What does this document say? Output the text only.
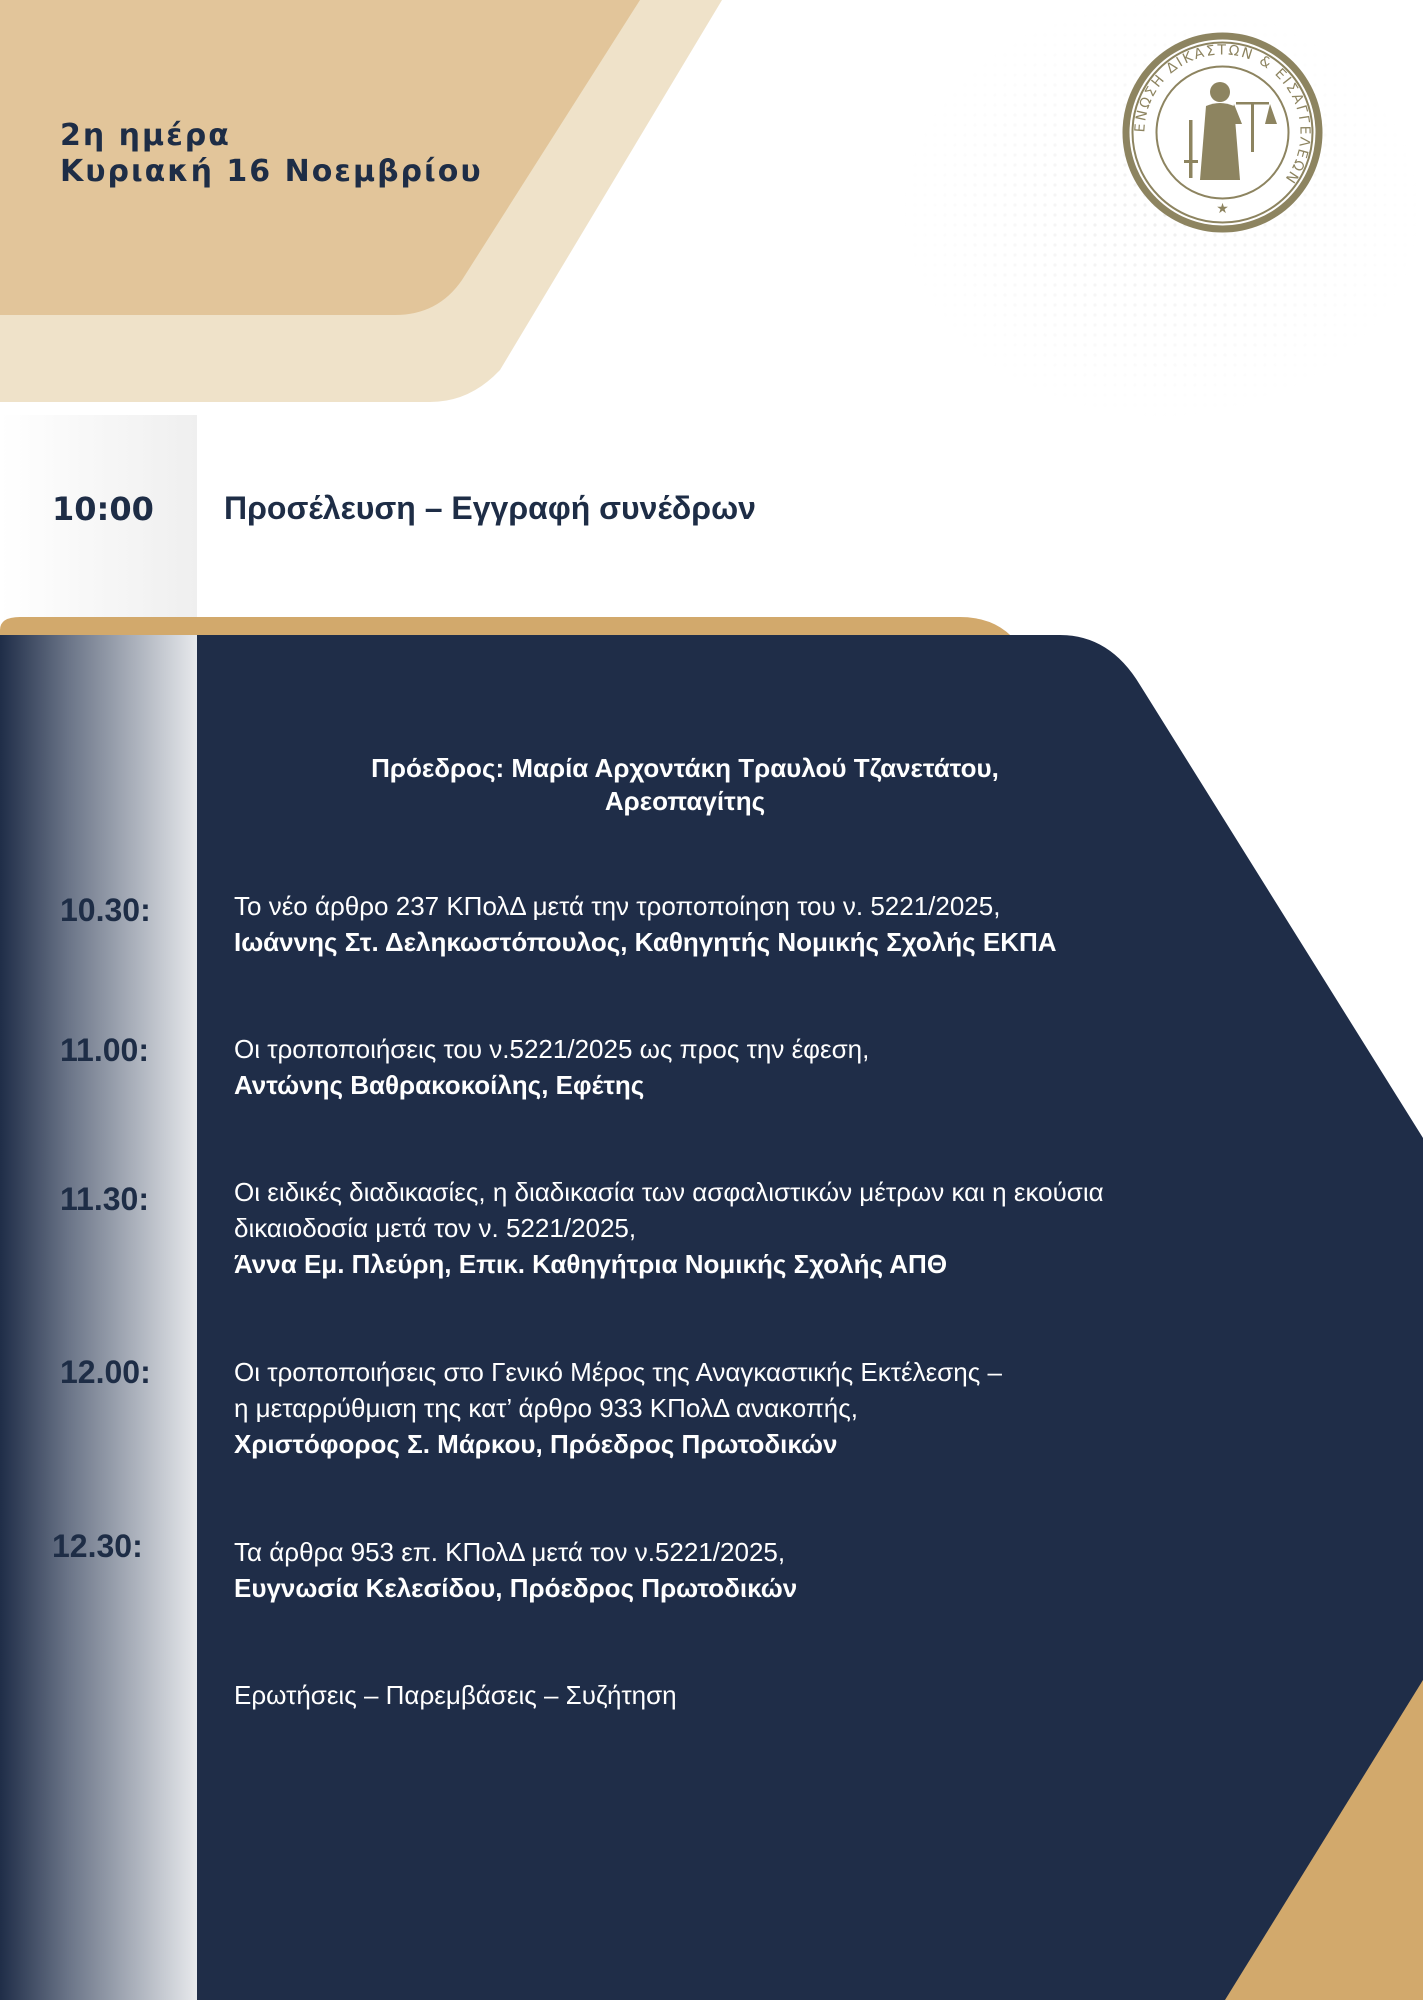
2η ημέρα
Κυριακή 16 Νοεμβρίου
ΕΝΩΣΗ ΔΙΚΑΣΤΩΝ & ΕΙΣΑΓΓΕΛΕΩΝ
★
10:00 Προσέλευση – Εγγραφή συνέδρων
Πρόεδρος: Μαρία Αρχοντάκη Τραυλού Τζανετάτου,
Αρεοπαγίτης
10.30:	Το νέο άρθρο 237 ΚΠολΔ μετά την τροποποίηση του ν. 5221/2025,
Ιωάννης Στ. Δεληκωστόπουλος, Καθηγητής Νομικής Σχολής ΕΚΠΑ
11.00:	Οι τροποποιήσεις του ν.5221/2025 ως προς την έφεση,
Αντώνης Βαθρακοκοίλης, Εφέτης
11.30:	Οι ειδικές διαδικασίες, η διαδικασία των ασφαλιστικών μέτρων και η εκούσια
δικαιοδοσία μετά τον ν. 5221/2025,
Άννα Εμ. Πλεύρη, Επικ. Καθηγήτρια Νομικής Σχολής ΑΠΘ
12.00:	Οι τροποποιήσεις στο Γενικό Μέρος της Αναγκαστικής Εκτέλεσης –
η μεταρρύθμιση της κατ’ άρθρο 933 ΚΠολΔ ανακοπής,
Χριστόφορος Σ. Μάρκου, Πρόεδρος Πρωτοδικών
12.30:	Τα άρθρα 953 επ. ΚΠολΔ μετά τον ν.5221/2025,
Ευγνωσία Κελεσίδου, Πρόεδρος Πρωτοδικών
Ερωτήσεις – Παρεμβάσεις – Συζήτηση
